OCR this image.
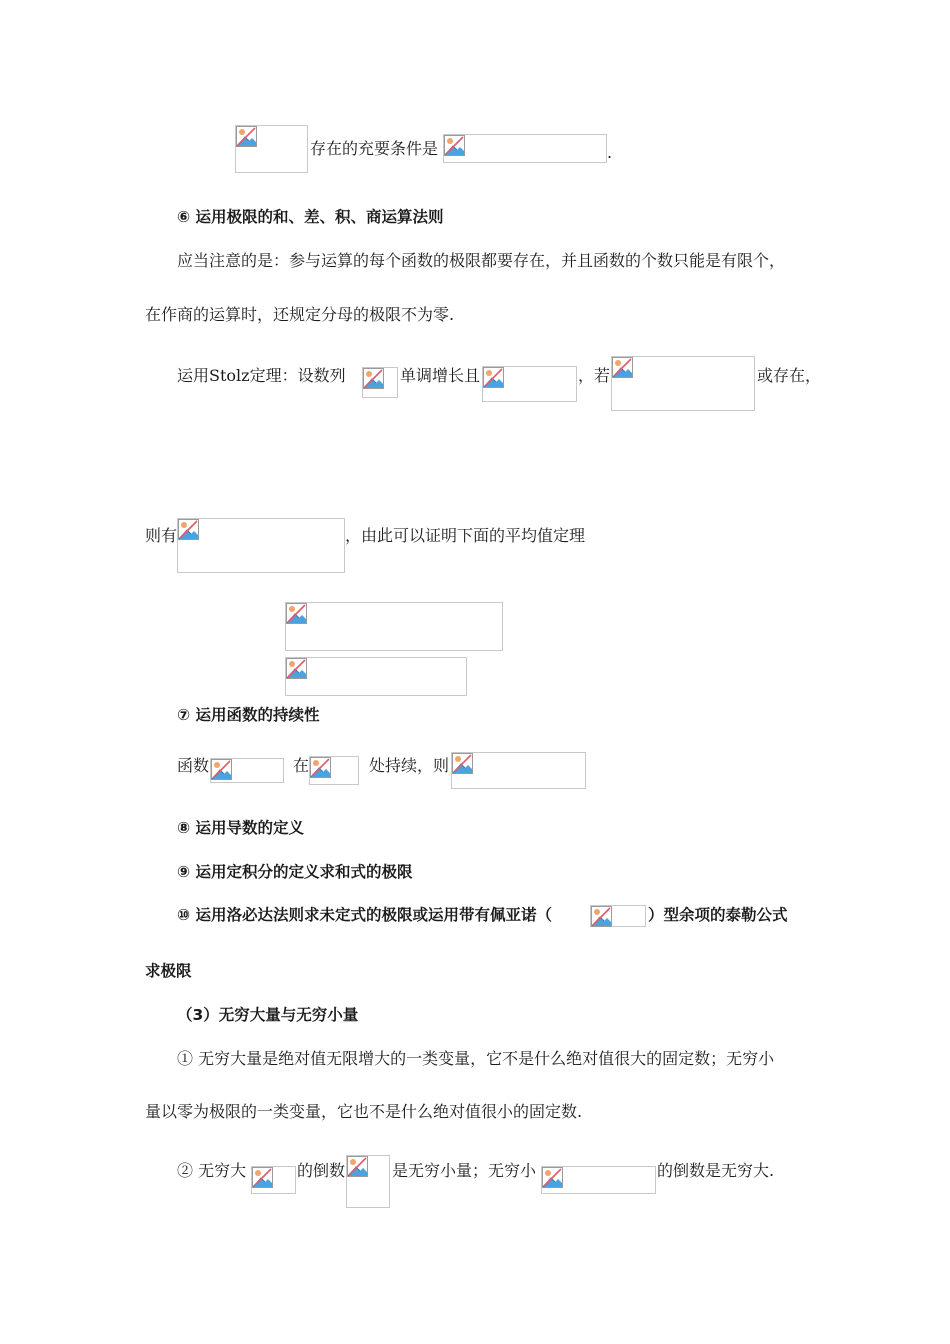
存在的充要条件是	.
⑥ 运用极限的和、差、积、商运算法则
应当注意的是：参与运算的每个函数的极限都要存在，并且函数的个数只能是有限个，
在作商的运算时，还规定分母的极限不为零.
运用Stolz定理：设数列	单调增长且	，若	或存在，
则有	，由此可以证明下面的平均值定理
⑦ 运用函数的持续性
函数	在	处持续，则
⑧ 运用导数的定义
⑨ 运用定积分的定义求和式的极限
⑩ 运用洛必达法则求未定式的极限或运用带有佩亚诺（	）型余项的泰勒公式
求极限
（3）无穷大量与无穷小量
① 无穷大量是绝对值无限增大的一类变量，它不是什么绝对值很大的固定数；无穷小
量以零为极限的一类变量，它也不是什么绝对值很小的固定数.
② 无穷大	的倒数	是无穷小量；无穷小	的倒数是无穷大.
